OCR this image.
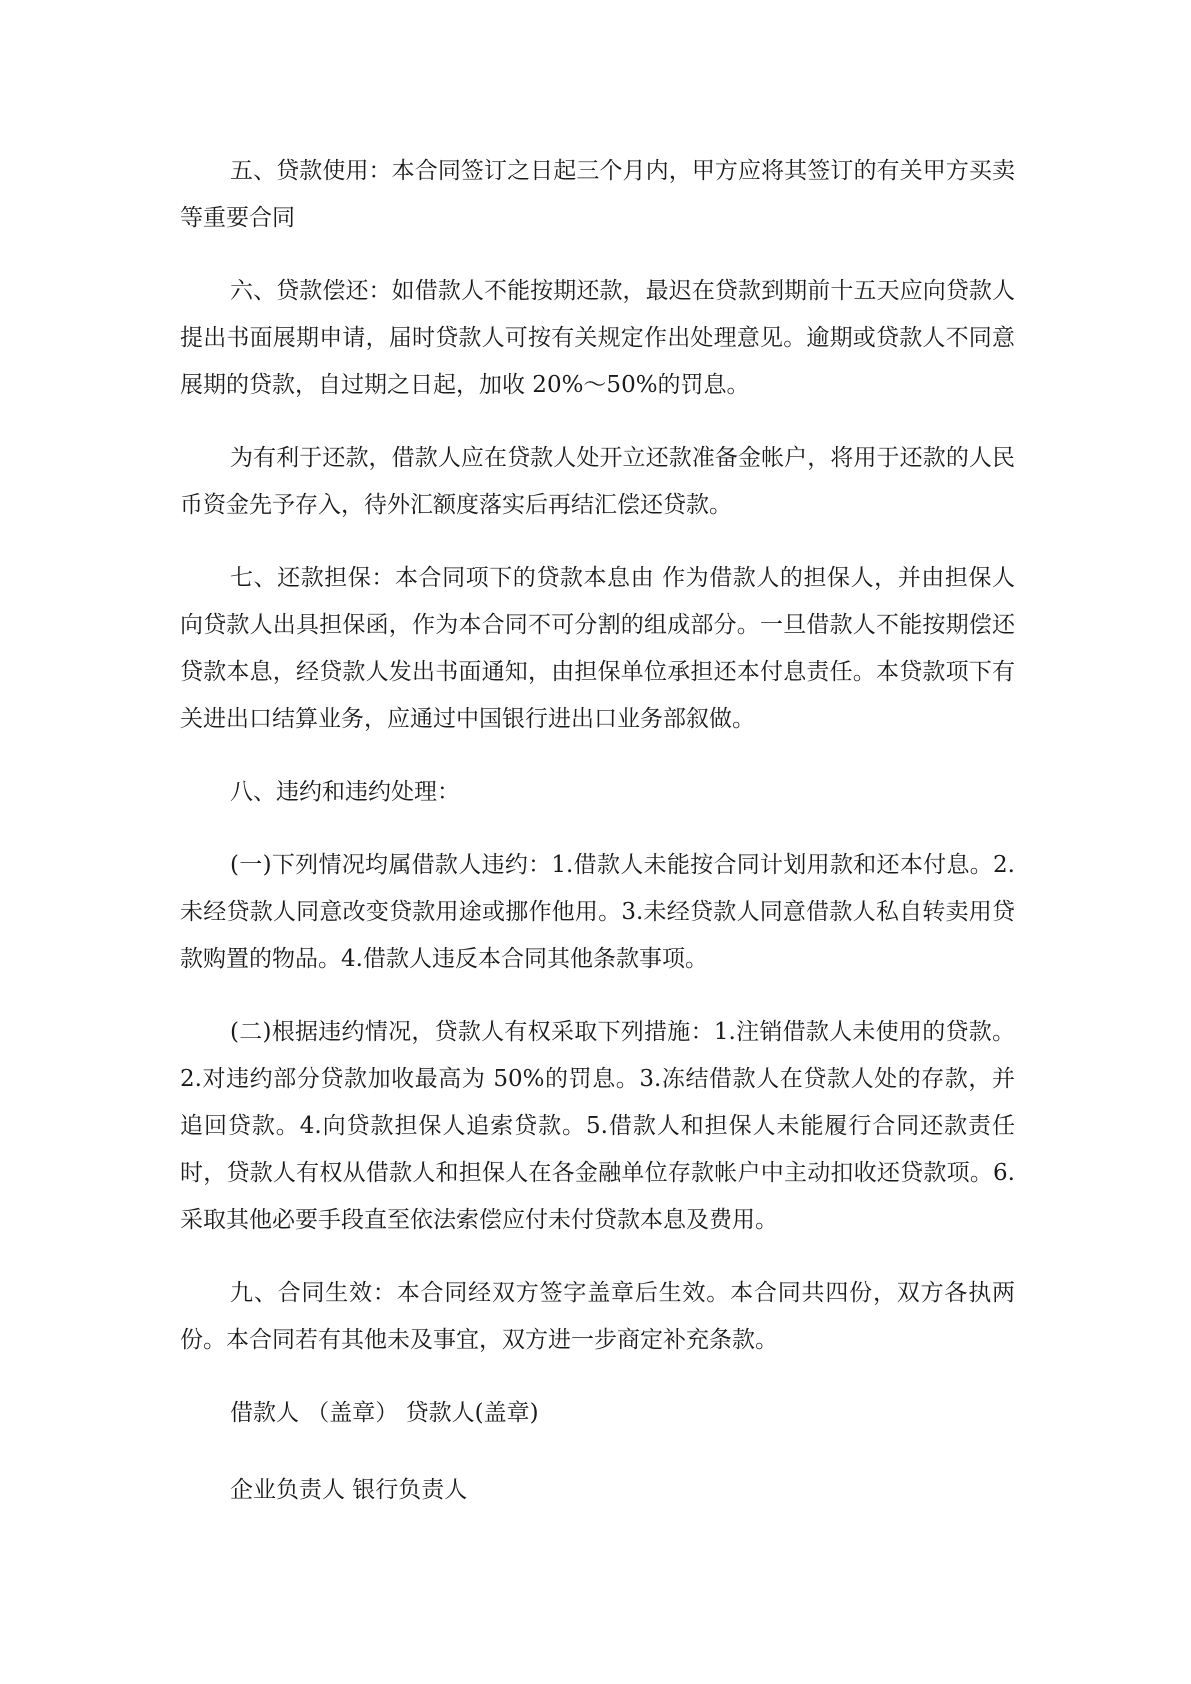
五、贷款使用：本合同签订之日起三个月内，甲方应将其签订的有关甲方买卖等重要合同

六、贷款偿还：如借款人不能按期还款，最迟在贷款到期前十五天应向贷款人提出书面展期申请，届时贷款人可按有关规定作出处理意见。逾期或贷款人不同意展期的贷款，自过期之日起，加收 20%～50%的罚息。

为有利于还款，借款人应在贷款人处开立还款准备金帐户，将用于还款的人民币资金先予存入，待外汇额度落实后再结汇偿还贷款。

七、还款担保：本合同项下的贷款本息由 作为借款人的担保人，并由担保人向贷款人出具担保函，作为本合同不可分割的组成部分。一旦借款人不能按期偿还贷款本息，经贷款人发出书面通知，由担保单位承担还本付息责任。本贷款项下有关进出口结算业务，应通过中国银行进出口业务部叙做。

八、违约和违约处理：

(一)下列情况均属借款人违约：1.借款人未能按合同计划用款和还本付息。2.未经贷款人同意改变贷款用途或挪作他用。3.未经贷款人同意借款人私自转卖用贷款购置的物品。4.借款人违反本合同其他条款事项。

(二)根据违约情况，贷款人有权采取下列措施：1.注销借款人未使用的贷款。2.对违约部分贷款加收最高为 50%的罚息。3.冻结借款人在贷款人处的存款，并追回贷款。4.向贷款担保人追索贷款。5.借款人和担保人未能履行合同还款责任时，贷款人有权从借款人和担保人在各金融单位存款帐户中主动扣收还贷款项。6.采取其他必要手段直至依法索偿应付未付贷款本息及费用。

九、合同生效：本合同经双方签字盖章后生效。本合同共四份，双方各执两份。本合同若有其他未及事宜，双方进一步商定补充条款。

借款人 （盖章） 贷款人(盖章)

企业负责人 银行负责人
